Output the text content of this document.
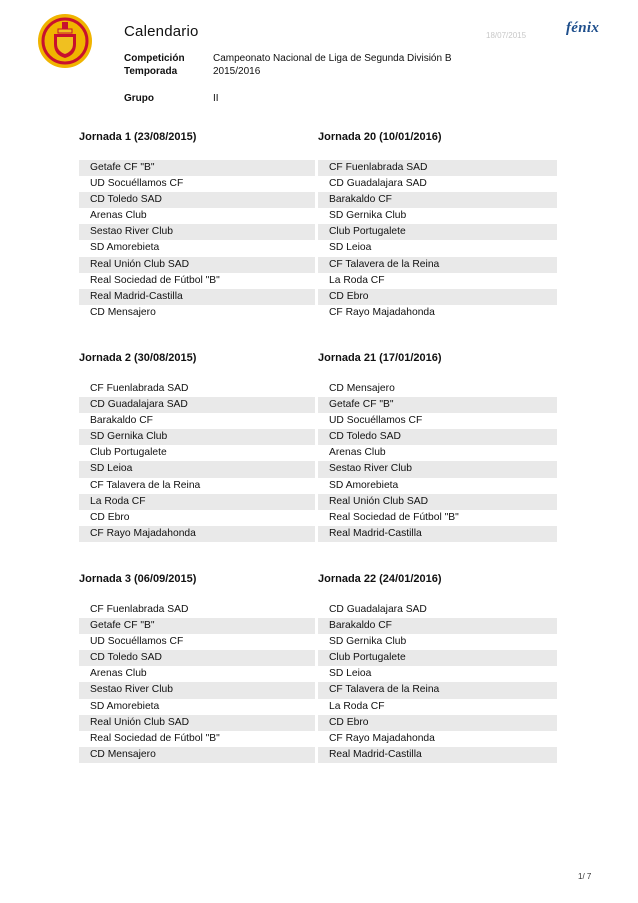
Calendario	18/07/2015	fénix
Competición	Campeonato Nacional de Liga de Segunda División B
Temporada	2015/2016
Grupo	II
Jornada 1 (23/08/2015)
Getafe CF "B"
UD Socuéllamos CF
CD Toledo SAD
Arenas Club
Sestao River Club
SD Amorebieta
Real Unión Club SAD
Real Sociedad de Fútbol "B"
Real Madrid-Castilla
CD Mensajero
Jornada 20 (10/01/2016)
CF Fuenlabrada SAD
CD Guadalajara SAD
Barakaldo CF
SD Gernika Club
Club Portugalete
SD Leioa
CF Talavera de la Reina
La Roda CF
CD Ebro
CF Rayo Majadahonda
Jornada 2 (30/08/2015)
CF Fuenlabrada SAD
CD Guadalajara SAD
Barakaldo CF
SD Gernika Club
Club Portugalete
SD Leioa
CF Talavera de la Reina
La Roda CF
CD Ebro
CF Rayo Majadahonda
Jornada 21 (17/01/2016)
CD Mensajero
Getafe CF "B"
UD Socuéllamos CF
CD Toledo SAD
Arenas Club
Sestao River Club
SD Amorebieta
Real Unión Club SAD
Real Sociedad de Fútbol "B"
Real Madrid-Castilla
Jornada 3 (06/09/2015)
CF Fuenlabrada SAD
Getafe CF "B"
UD Socuéllamos CF
CD Toledo SAD
Arenas Club
Sestao River Club
SD Amorebieta
Real Unión Club SAD
Real Sociedad de Fútbol "B"
CD Mensajero
Jornada 22 (24/01/2016)
CD Guadalajara SAD
Barakaldo CF
SD Gernika Club
Club Portugalete
SD Leioa
CF Talavera de la Reina
La Roda CF
CD Ebro
CF Rayo Majadahonda
Real Madrid-Castilla
1/ 7
